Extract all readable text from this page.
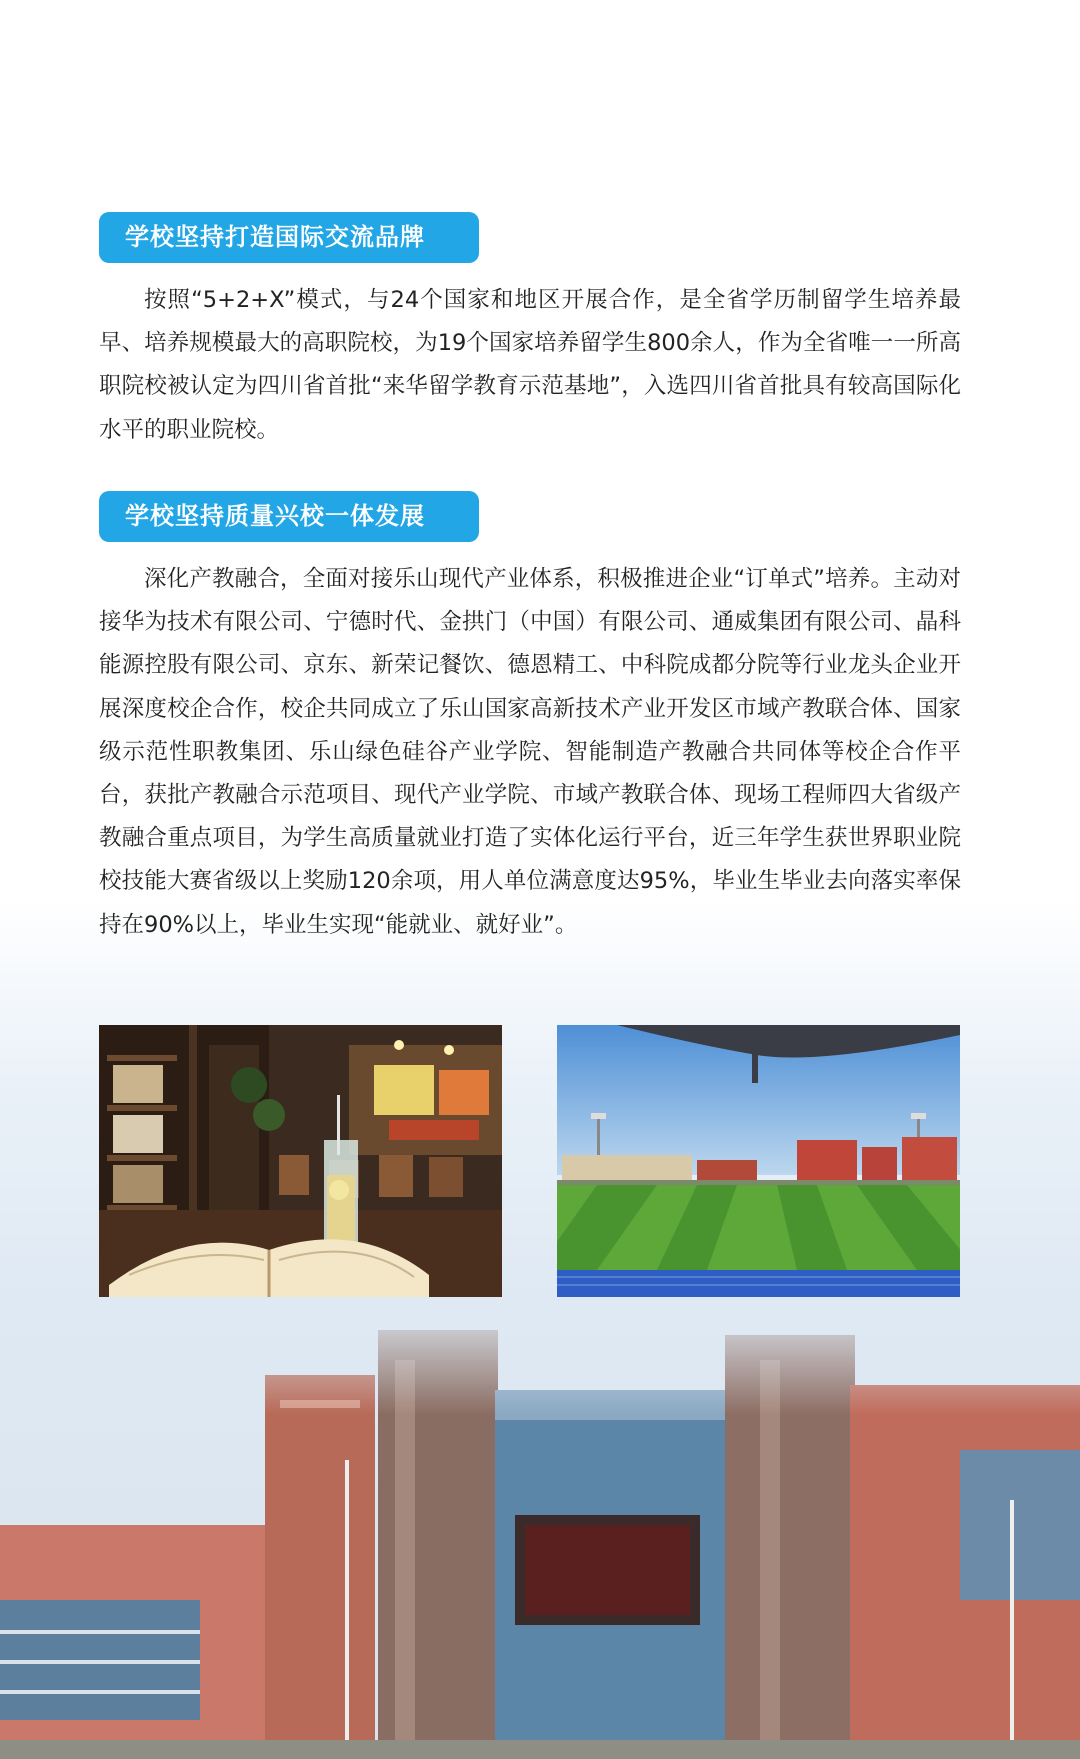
学校坚持打造国际交流品牌

按照“5+2+X”模式，与24个国家和地区开展合作，是全省学历制留学生培养最早、培养规模最大的高职院校，为19个国家培养留学生800余人，作为全省唯一一所高职院校被认定为四川省首批“来华留学教育示范基地”，入选四川省首批具有较高国际化水平的职业院校。

学校坚持质量兴校一体发展

深化产教融合，全面对接乐山现代产业体系，积极推进企业“订单式”培养。主动对接华为技术有限公司、宁德时代、金拱门（中国）有限公司、通威集团有限公司、晶科能源控股有限公司、京东、新荣记餐饮、德恩精工、中科院成都分院等行业龙头企业开展深度校企合作，校企共同成立了乐山国家高新技术产业开发区市域产教联合体、国家级示范性职教集团、乐山绿色硅谷产业学院、智能制造产教融合共同体等校企合作平台，获批产教融合示范项目、现代产业学院、市域产教联合体、现场工程师四大省级产教融合重点项目，为学生高质量就业打造了实体化运行平台，近三年学生获世界职业院校技能大赛省级以上奖励120余项，用人单位满意度达95%，毕业生毕业去向落实率保持在90%以上，毕业生实现“能就业、就好业”。
